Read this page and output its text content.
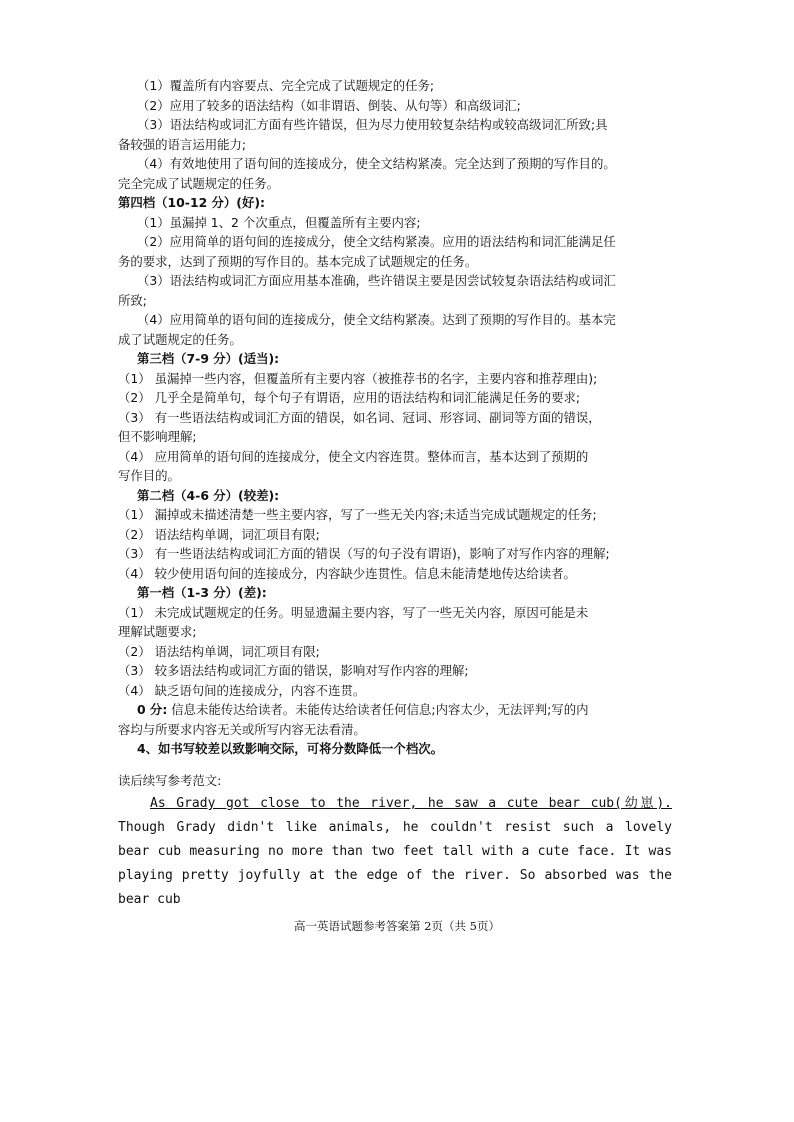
（1）覆盖所有内容要点、完全完成了试题规定的任务;
（2）应用了较多的语法结构（如非谓语、倒装、从句等）和高级词汇;
（3）语法结构或词汇方面有些许错误，但为尽力使用较复杂结构或较高级词汇所致;具
备较强的语言运用能力;
（4）有效地使用了语句间的连接成分，使全文结构紧凑。完全达到了预期的写作目的。
完全完成了试题规定的任务。
第四档（10-12 分）(好):
（1）虽漏掉 1、2 个次重点，但覆盖所有主要内容;
（2）应用简单的语句间的连接成分，使全文结构紧凑。应用的语法结构和词汇能满足任
务的要求，达到了预期的写作目的。基本完成了试题规定的任务。
（3）语法结构或词汇方面应用基本准确，些许错误主要是因尝试较复杂语法结构或词汇
所致;
（4）应用简单的语句间的连接成分，使全文结构紧凑。达到了预期的写作目的。基本完
成了试题规定的任务。
第三档（7-9 分）(适当):
（1） 虽漏掉一些内容，但覆盖所有主要内容（被推荐书的名字，主要内容和推荐理由);
（2） 几乎全是简单句，每个句子有谓语，应用的语法结构和词汇能满足任务的要求;
（3） 有一些语法结构或词汇方面的错误，如名词、冠词、形容词、副词等方面的错误，
但不影响理解;
（4） 应用简单的语句间的连接成分，使全文内容连贯。整体而言，基本达到了预期的
写作目的。
第二档（4-6 分）(较差):
（1） 漏掉或未描述清楚一些主要内容，写了一些无关内容;未适当完成试题规定的任务;
（2） 语法结构单调，词汇项目有限;
（3） 有一些语法结构或词汇方面的错误（写的句子没有谓语)，影响了对写作内容的理解;
（4） 较少使用语句间的连接成分，内容缺少连贯性。信息未能清楚地传达给读者。
第一档（1-3 分）(差):
（1） 未完成试题规定的任务。明显遗漏主要内容，写了一些无关内容，原因可能是未
理解试题要求;
（2） 语法结构单调，词汇项目有限;
（3） 较多语法结构或词汇方面的错误，影响对写作内容的理解;
（4） 缺乏语句间的连接成分，内容不连贯。
0 分: 信息未能传达给读者。未能传达给读者任何信息;内容太少，无法评判;写的内
容均与所要求内容无关或所写内容无法看清。
4、如书写较差以致影响交际，可将分数降低一个档次。
读后续写参考范文:
As Grady got close to the river, he saw a cute bear cub(幼崽). Though Grady didn't like animals, he couldn't resist such a lovely bear cub measuring no more than two feet tall with a cute face. It was playing pretty joyfully at the edge of the river. So absorbed was the bear cub
高一英语试题参考答案第 2页（共 5页）
